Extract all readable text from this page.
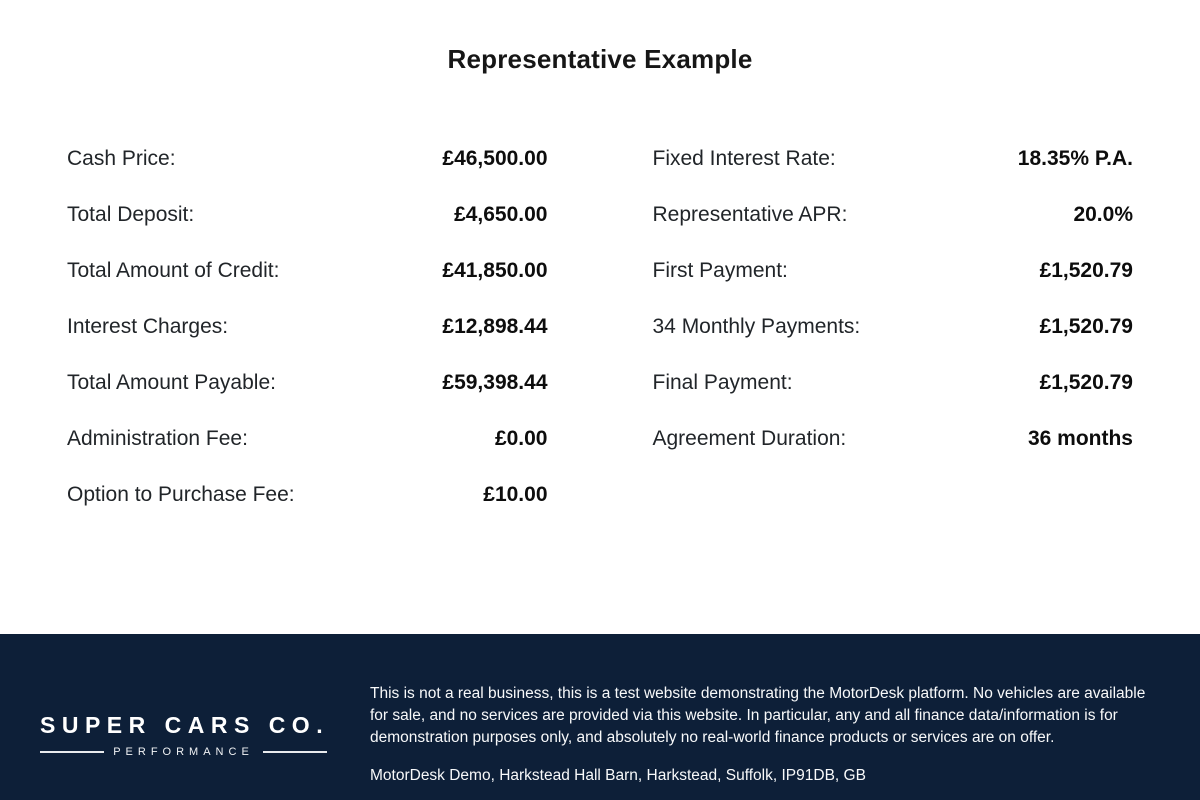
Representative Example
Cash Price:	£46,500.00
Total Deposit:	£4,650.00
Total Amount of Credit:	£41,850.00
Interest Charges:	£12,898.44
Total Amount Payable:	£59,398.44
Administration Fee:	£0.00
Option to Purchase Fee:	£10.00
Fixed Interest Rate:	18.35% P.A.
Representative APR:	20.0%
First Payment:	£1,520.79
34 Monthly Payments:	£1,520.79
Final Payment:	£1,520.79
Agreement Duration:	36 months
SUPER CARS CO.
PERFORMANCE

This is not a real business, this is a test website demonstrating the MotorDesk platform. No vehicles are available for sale, and no services are provided via this website. In particular, any and all finance data/information is for demonstration purposes only, and absolutely no real-world finance products or services are on offer.

MotorDesk Demo, Harkstead Hall Barn, Harkstead, Suffolk, IP91DB, GB
